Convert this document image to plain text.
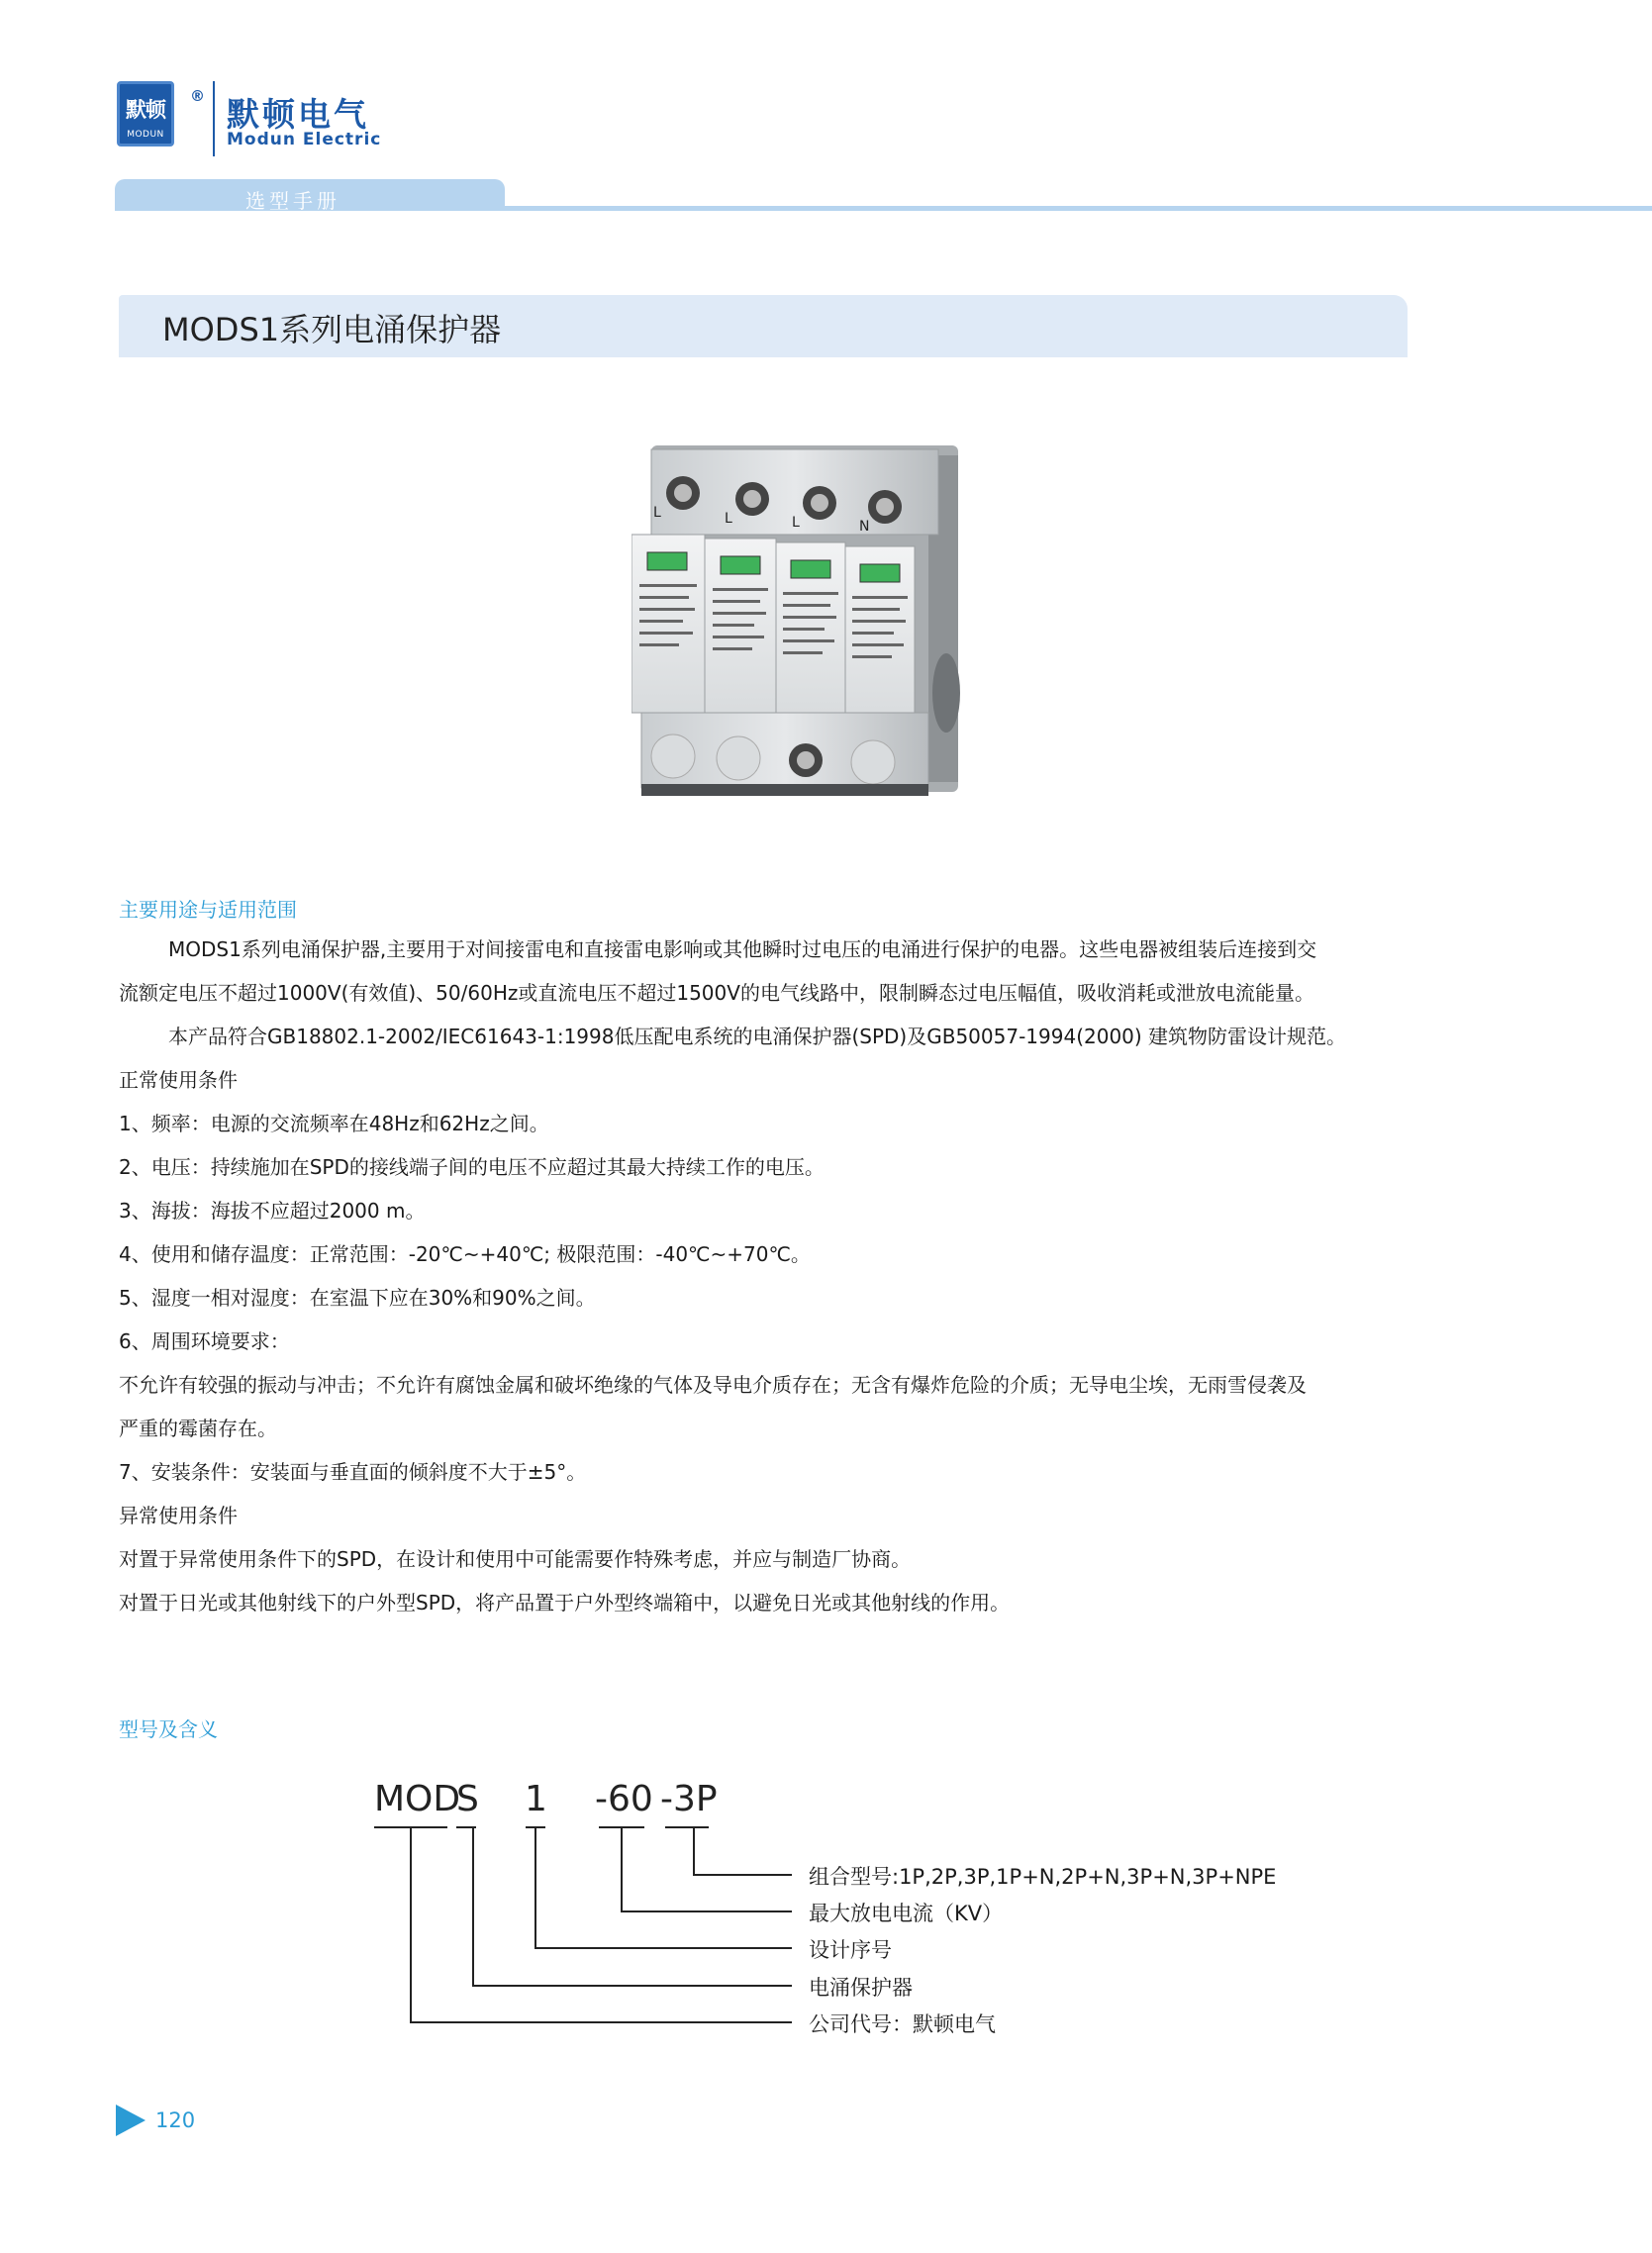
默顿
MODUN
® 默顿电气
Modun Electric
选型手册
MODS1系列电涌保护器
L	L	L	N
主要用途与适用范围
MODS1系列电涌保护器,主要用于对间接雷电和直接雷电影响或其他瞬时过电压的电涌进行保护的电器。这些电器被组装后连接到交
流额定电压不超过1000V(有效值)、50/60Hz或直流电压不超过1500V的电气线路中，限制瞬态过电压幅值，吸收消耗或泄放电流能量。
本产品符合GB18802.1-2002/IEC61643-1:1998低压配电系统的电涌保护器(SPD)及GB50057-1994(2000) 建筑物防雷设计规范。
正常使用条件
1、频率：电源的交流频率在48Hz和62Hz之间。
2、电压：持续施加在SPD的接线端子间的电压不应超过其最大持续工作的电压。
3、海拔：海拔不应超过2000 m。
4、使用和储存温度：正常范围：-20℃~+40℃; 极限范围：-40℃~+70℃。
5、湿度一相对湿度：在室温下应在30%和90%之间。
6、周围环境要求：
不允许有较强的振动与冲击；不允许有腐蚀金属和破坏绝缘的气体及导电介质存在；无含有爆炸危险的介质；无导电尘埃，无雨雪侵袭及
严重的霉菌存在。
7、安装条件：安装面与垂直面的倾斜度不大于±5°。
异常使用条件
对置于异常使用条件下的SPD，在设计和使用中可能需要作特殊考虑，并应与制造厂协商。
对置于日光或其他射线下的户外型SPD，将产品置于户外型终端箱中，以避免日光或其他射线的作用。
型号及含义
MOD
S 1 -60 -3P
组合型号:1P,2P,3P,1P+N,2P+N,3P+N,3P+NPE
最大放电电流（KV）
设计序号
电涌保护器
公司代号：默顿电气
120
